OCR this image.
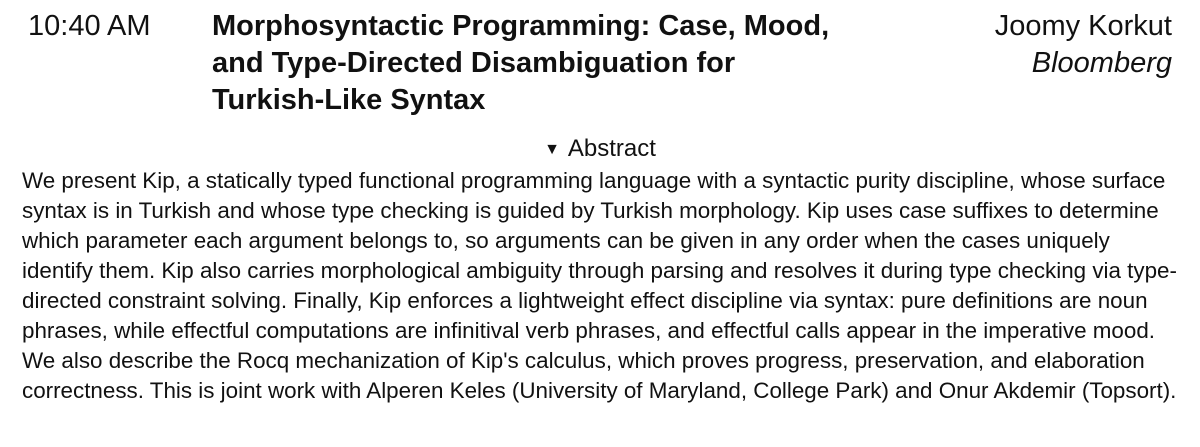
10:40 AM Morphosyntactic Programming: Case, Mood, and Type-Directed Disambiguation for Turkish-Like Syntax
Joomy Korkut
Bloomberg
▼ Abstract

We present Kip, a statically typed functional programming language with a syntactic purity discipline, whose surface syntax is in Turkish and whose type checking is guided by Turkish morphology. Kip uses case suffixes to determine which parameter each argument belongs to, so arguments can be given in any order when the cases uniquely identify them. Kip also carries morphological ambiguity through parsing and resolves it during type checking via type-directed constraint solving. Finally, Kip enforces a lightweight effect discipline via syntax: pure definitions are noun phrases, while effectful computations are infinitival verb phrases, and effectful calls appear in the imperative mood. We also describe the Rocq mechanization of Kip's calculus, which proves progress, preservation, and elaboration correctness. This is joint work with Alperen Keles (University of Maryland, College Park) and Onur Akdemir (Topsort).
